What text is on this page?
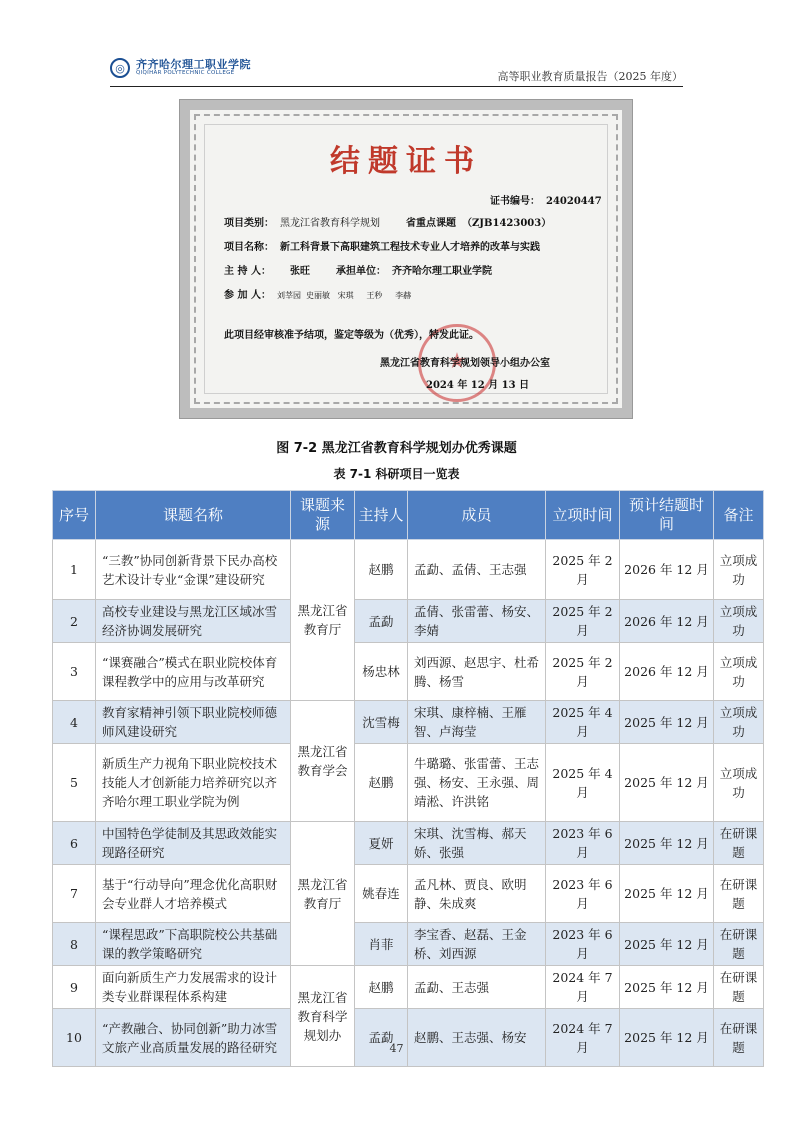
◎	齐齐哈尔理工职业学院
QIQIHAR POLYTECHNIC COLLEGE	高等职业教育质量报告（2025 年度）
结题证书
证书编号： 24020447
项目类别： 黑龙江省教育科学规划	省重点课题 （ZJB1423003）
项目名称： 新工科背景下高职建筑工程技术专业人才培养的改革与实践
主 持 人： 张旺	承担单位： 齐齐哈尔理工职业学院
参 加 人： 刘莘园  史丽敏   宋琪     王秒     李赫
★
此项目经审核准予结项，鉴定等级为（优秀），特发此证。
黑龙江省教育科学规划领导小组办公室
2024 年 12 月 13 日
图 7-2 黑龙江省教育科学规划办优秀课题
表 7-1 科研项目一览表
序号	课题名称	课题来源	主持人	成员	立项时间	预计结题时间	备注
1	“三教”协同创新背景下民办高校艺术设计专业“金课”建设研究	黑龙江省教育厅	赵鹏	孟勐、孟倩、王志强	2025 年 2 月	2026 年 12 月	立项成功
2	高校专业建设与黑龙江区域冰雪经济协调发展研究		孟勐	孟倩、张雷蕾、杨安、李婧	2025 年 2 月	2026 年 12 月	立项成功
3	“课赛融合”模式在职业院校体育课程教学中的应用与改革研究		杨忠林	刘西源、赵思宇、杜希腾、杨雪	2025 年 2 月	2026 年 12 月	立项成功
4	教育家精神引领下职业院校师德师风建设研究	黑龙江省教育学会	沈雪梅	宋琪、康梓楠、王雁智、卢海莹	2025 年 4 月	2025 年 12 月	立项成功
5	新质生产力视角下职业院校技术技能人才创新能力培养研究以齐齐哈尔理工职业学院为例		赵鹏	牛璐璐、张雷蕾、王志强、杨安、王永强、周靖淞、许洪铭	2025 年 4 月	2025 年 12 月	立项成功
6	中国特色学徒制及其思政效能实现路径研究	黑龙江省教育厅	夏妍	宋琪、沈雪梅、郝天娇、张强	2023 年 6 月	2025 年 12 月	在研课题
7	基于“行动导向”理念优化高职财会专业群人才培养模式		姚春连	孟凡林、贾良、欧明静、朱成爽	2023 年 6 月	2025 年 12 月	在研课题
8	“课程思政”下高职院校公共基础课的教学策略研究		肖菲	李宝香、赵磊、王金桥、刘西源	2023 年 6 月	2025 年 12 月	在研课题
9	面向新质生产力发展需求的设计类专业群课程体系构建	黑龙江省教育科学规划办	赵鹏	孟勐、王志强	2024 年 7 月	2025 年 12 月	在研课题
10	“产教融合、协同创新”助力冰雪文旅产业高质量发展的路径研究		孟勐	赵鹏、王志强、杨安	2024 年 7 月	2025 年 12 月	在研课题
47
